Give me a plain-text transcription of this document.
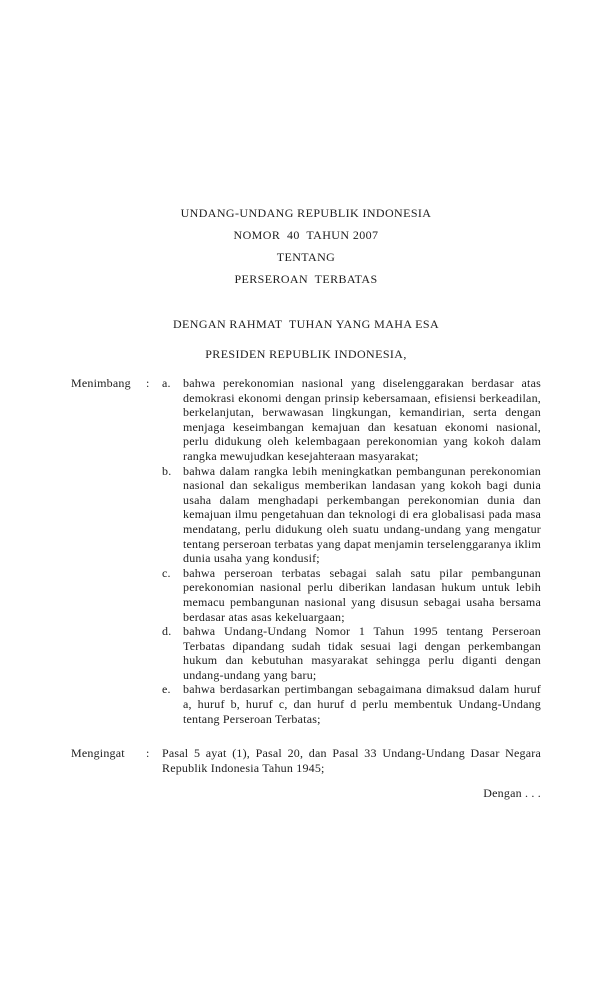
UNDANG-UNDANG REPUBLIK INDONESIA
NOMOR  40  TAHUN 2007
TENTANG
PERSEROAN  TERBATAS
DENGAN RAHMAT  TUHAN YANG MAHA ESA
PRESIDEN REPUBLIK INDONESIA,
Menimbang	:	a.	bahwa perekonomian nasional yang diselenggarakan berdasar atas demokrasi ekonomi dengan prinsip kebersamaan, efisiensi berkeadilan, berkelanjutan, berwawasan lingkungan, kemandirian, serta dengan menjaga keseimbangan kemajuan dan kesatuan ekonomi nasional, perlu didukung oleh kelembagaan perekonomian yang kokoh dalam rangka mewujudkan kesejahteraan masyarakat;
b. bahwa dalam rangka lebih meningkatkan pembangunan perekonomian nasional dan sekaligus memberikan landasan yang kokoh bagi dunia usaha dalam menghadapi perkembangan perekonomian dunia dan kemajuan ilmu pengetahuan dan teknologi di era globalisasi pada masa mendatang, perlu didukung oleh suatu undang-undang yang mengatur tentang perseroan terbatas yang dapat menjamin terselenggaranya iklim dunia usaha yang kondusif;
c.	bahwa perseroan terbatas sebagai salah satu pilar pembangunan perekonomian nasional perlu diberikan landasan hukum untuk lebih memacu pembangunan nasional yang disusun sebagai usaha bersama berdasar atas asas kekeluargaan;
d. bahwa Undang-Undang Nomor 1 Tahun 1995 tentang Perseroan Terbatas dipandang sudah tidak sesuai lagi dengan perkembangan hukum dan kebutuhan masyarakat sehingga perlu diganti dengan undang-undang yang baru;
e.	bahwa berdasarkan pertimbangan sebagaimana dimaksud dalam huruf a, huruf b, huruf c, dan huruf d perlu membentuk Undang-Undang tentang Perseroan Terbatas;
Mengingat	:	Pasal 5 ayat (1), Pasal 20, dan Pasal 33 Undang-Undang Dasar Negara Republik Indonesia Tahun 1945;
Dengan . . .
